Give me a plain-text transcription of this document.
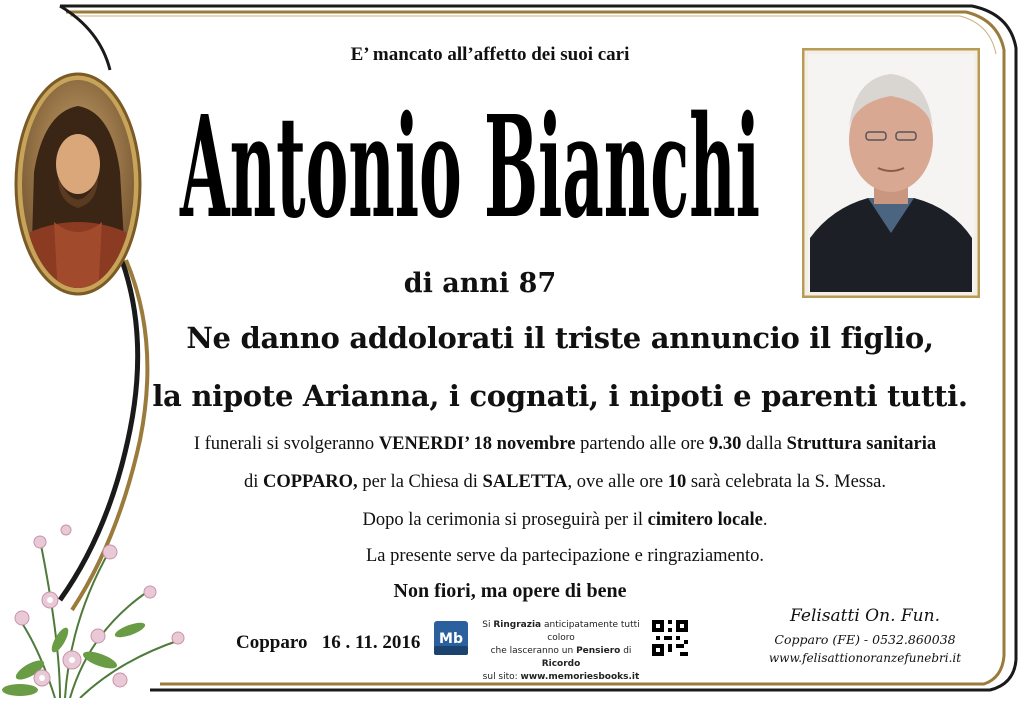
E’ mancato all’affetto dei suoi cari
Antonio Bianchi
di anni 87
Ne danno addolorati il triste annuncio il figlio,
la nipote Arianna, i cognati, i nipoti e parenti tutti.
I funerali si svolgeranno VENERDI’ 18 novembre partendo alle ore 9.30 dalla Struttura sanitaria
di COPPARO, per la Chiesa di SALETTA, ove alle ore 10 sarà celebrata la S. Messa.
Dopo la cerimonia si proseguirà per il cimitero locale.
La presente serve da partecipazione e ringraziamento.
Non fiori, ma opere di bene
Copparo   16 . 11. 2016 Mb
Si Ringrazia anticipatamente tutti coloro
che lasceranno un Pensiero di Ricordo
sul sito: www.memoriesbooks.it
Felisatti On. Fun.
Copparo (FE) - 0532.860038
www.felisattionoranzefunebri.it
